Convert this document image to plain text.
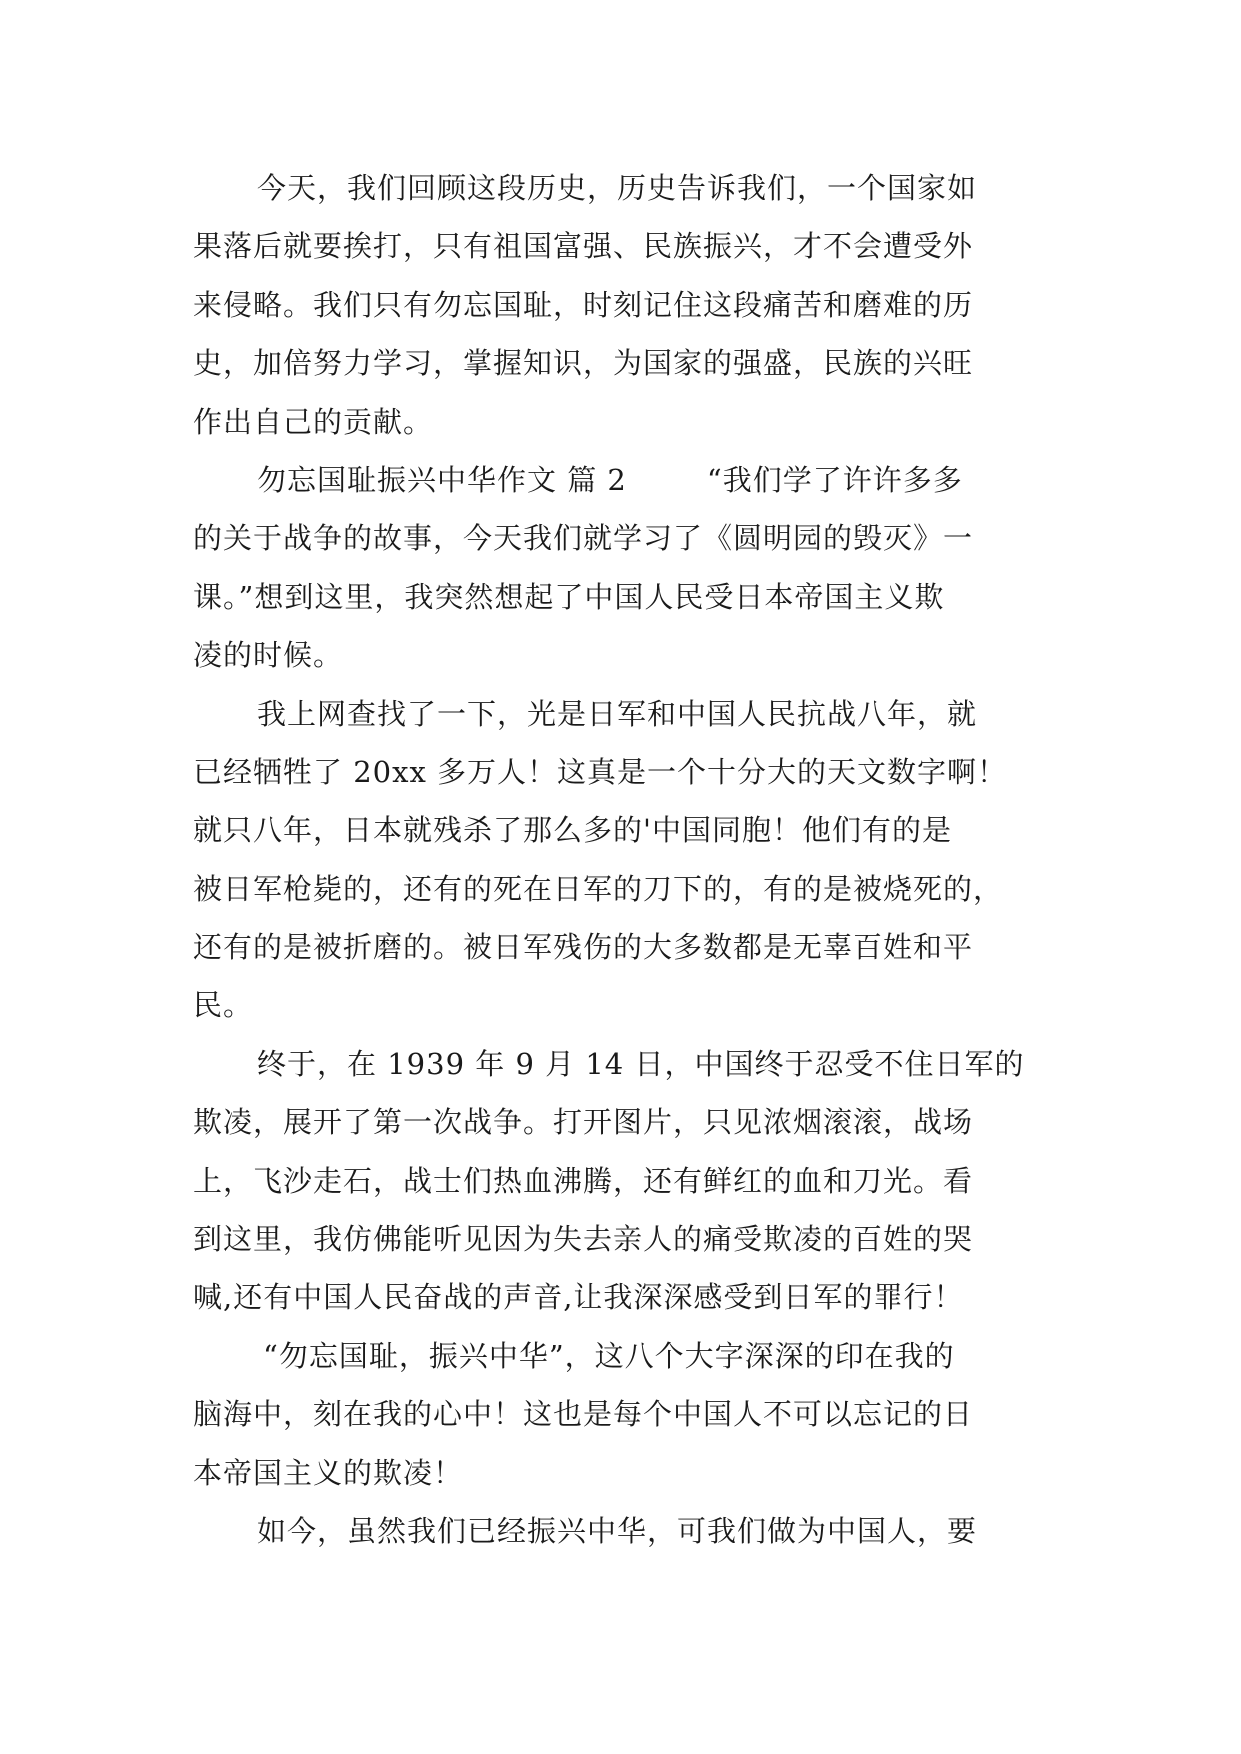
今天，我们回顾这段历史，历史告诉我们，一个国家如
果落后就要挨打，只有祖国富强、民族振兴，才不会遭受外
来侵略。我们只有勿忘国耻，时刻记住这段痛苦和磨难的历
史，加倍努力学习，掌握知识，为国家的强盛，民族的兴旺
作出自己的贡献。
勿忘国耻振兴中华作文 篇 2	“我们学了许许多多
的关于战争的故事，今天我们就学习了《圆明园的毁灭》一
课。”想到这里，我突然想起了中国人民受日本帝国主义欺
凌的时候。
我上网查找了一下，光是日军和中国人民抗战八年，就
已经牺牲了 20xx 多万人！这真是一个十分大的天文数字啊！
就只八年，日本就残杀了那么多的'中国同胞！他们有的是
被日军枪毙的，还有的死在日军的刀下的，有的是被烧死的，
还有的是被折磨的。被日军残伤的大多数都是无辜百姓和平
民。
终于，在 1939 年 9 月 14 日，中国终于忍受不住日军的
欺凌，展开了第一次战争。打开图片，只见浓烟滚滚，战场
上，飞沙走石，战士们热血沸腾，还有鲜红的血和刀光。看
到这里，我仿佛能听见因为失去亲人的痛受欺凌的百姓的哭
喊,还有中国人民奋战的声音,让我深深感受到日军的罪行！
“勿忘国耻，振兴中华”，这八个大字深深的印在我的
脑海中，刻在我的心中！这也是每个中国人不可以忘记的日
本帝国主义的欺凌！
如今，虽然我们已经振兴中华，可我们做为中国人，要
